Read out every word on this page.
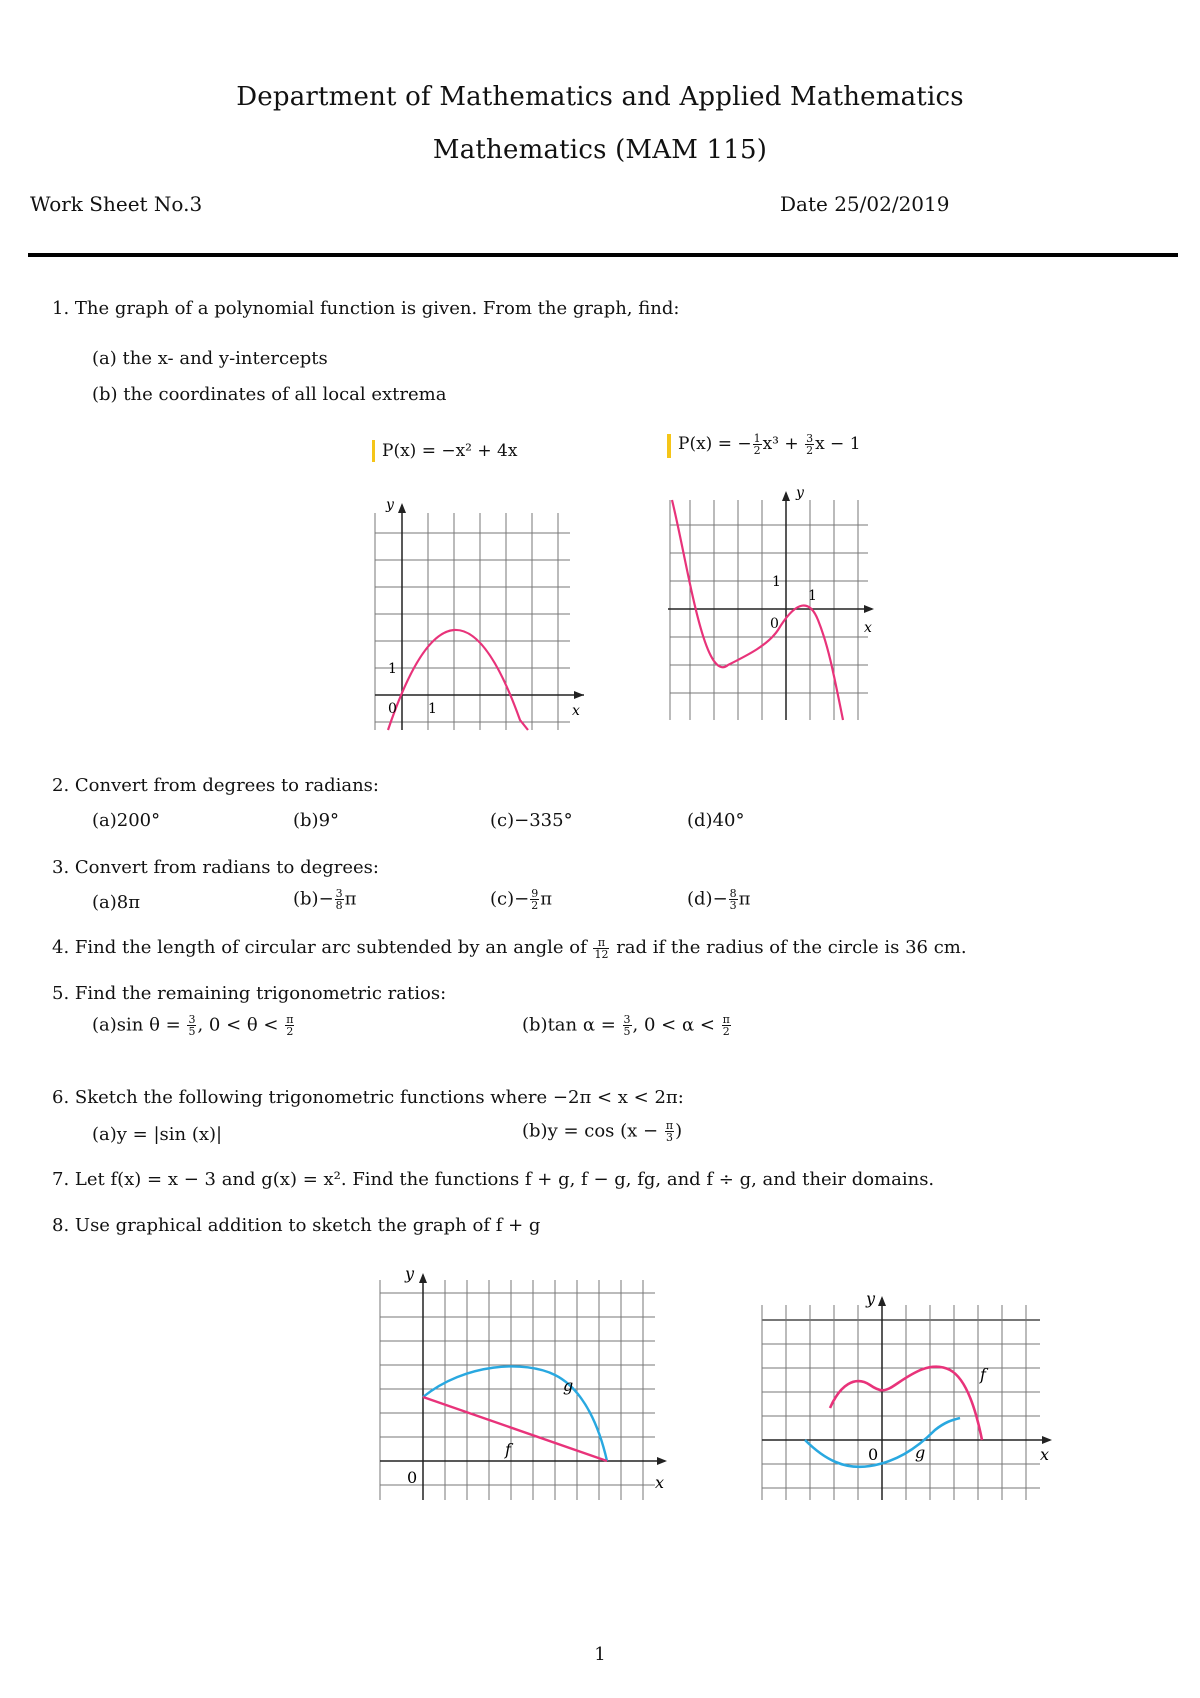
Department of Mathematics and Applied Mathematics
Mathematics (MAM 115)
Work Sheet No.3	Date 25/02/2019
1. The graph of a polynomial function is given. From the graph, find:
(a) the x- and y-intercepts
(b) the coordinates of all local extrema
P(x) = −x² + 4x	P(x) = − $\frac{1}{2} x^3 + \frac{3}{2}$ x − 1
y
x
0 1
1
y
x
0
1
1
2. Convert from degrees to radians:
(a)200°	(b)9°	(c)−335°	(d)40°
3. Convert from radians to degrees:
(a)8π	$(b)- \frac{3}{8}$ π	$(c)- \frac{9}{2}$ π	$(d)- \frac{8}{3}$ π
4. Find the length of circular arc subtended by an angle of $\frac{\pi}{12}$ rad if the radius of the circle is 36 cm.
5. Find the remaining trigonometric ratios:
(a)sin $\theta = \frac{3}{5}$ , $0 < \theta < \frac{\pi}{2}$	(b)tan $\alpha = \frac{3}{5}$ , $0 < \alpha < \frac{\pi}{2}$
6. Sketch the following trigonometric functions where −2π < x < 2π:
(a)y = |sin (x)|	$(b)y = \cos (x - \frac{\pi}{3}$ )
7. Let f(x) = x − 3 and g(x) = x². Find the functions f + g, f − g, fg, and f ÷ g, and their domains.
8. Use graphical addition to sketch the graph of f + g
y
x
0
g
f
y
x
0
f
g
1
